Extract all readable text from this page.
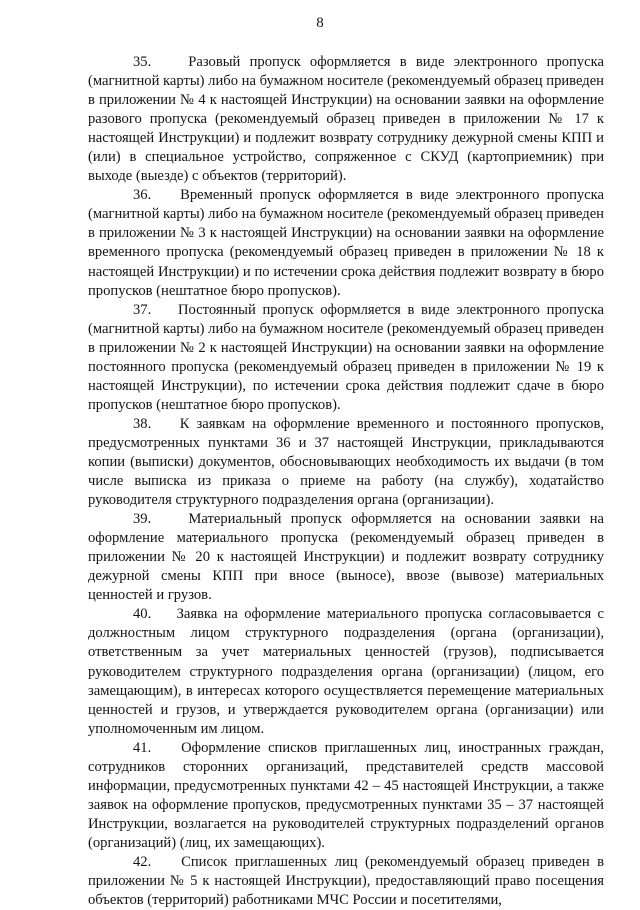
8

35.	Разовый пропуск оформляется в виде электронного пропуска (магнитной карты) либо на бумажном носителе (рекомендуемый образец приведен в приложении № 4 к настоящей Инструкции) на основании заявки на оформление разового пропуска (рекомендуемый образец приведен в приложении № 17 к настоящей Инструкции) и подлежит возврату сотруднику дежурной смены КПП и (или) в специальное устройство, сопряженное с СКУД (картоприемник) при выходе (выезде) с объектов (территорий).

36. Временный пропуск оформляется в виде электронного пропуска (магнитной карты) либо на бумажном носителе (рекомендуемый образец приведен в приложении № 3 к настоящей Инструкции) на основании заявки на оформление временного пропуска (рекомендуемый образец приведен в приложении № 18 к настоящей Инструкции) и по истечении срока действия подлежит возврату в бюро пропусков (нештатное бюро пропусков).

37. Постоянный пропуск оформляется в виде электронного пропуска (магнитной карты) либо на бумажном носителе (рекомендуемый образец приведен в приложении № 2 к настоящей Инструкции) на основании заявки на оформление постоянного пропуска (рекомендуемый образец приведен в приложении № 19 к настоящей Инструкции), по истечении срока действия подлежит сдаче в бюро пропусков (нештатное бюро пропусков).

38. К заявкам на оформление временного и постоянного пропусков, предусмотренных пунктами 36 и 37 настоящей Инструкции, прикладываются копии (выписки) документов, обосновывающих необходимость их выдачи (в том числе выписка из приказа о приеме на работу (на службу), ходатайство руководителя структурного подразделения органа (организации).

39.	Материальный пропуск оформляется на основании заявки на оформление материального пропуска (рекомендуемый образец приведен в приложении № 20 к настоящей Инструкции) и подлежит возврату сотруднику дежурной смены КПП при вносе (выносе), ввозе (вывозе) материальных ценностей и грузов.

40. Заявка на оформление материального пропуска согласовывается с должностным лицом структурного подразделения (органа (организации), ответственным за учет материальных ценностей (грузов), подписывается руководителем структурного подразделения органа (организации) (лицом, его замещающим), в интересах которого осуществляется перемещение материальных ценностей и грузов, и утверждается руководителем органа (организации) или уполномоченным им лицом.

41. Оформление списков приглашенных лиц, иностранных граждан, сотрудников сторонних организаций, представителей средств массовой информации, предусмотренных пунктами 42 – 45 настоящей Инструкции, а также заявок на оформление пропусков, предусмотренных пунктами 35 – 37 настоящей Инструкции, возлагается на руководителей структурных подразделений органов (организаций) (лиц, их замещающих).

42. Список приглашенных лиц (рекомендуемый образец приведен в приложении № 5 к настоящей Инструкции), предоставляющий право посещения объектов (территорий) работниками МЧС России и посетителями,
